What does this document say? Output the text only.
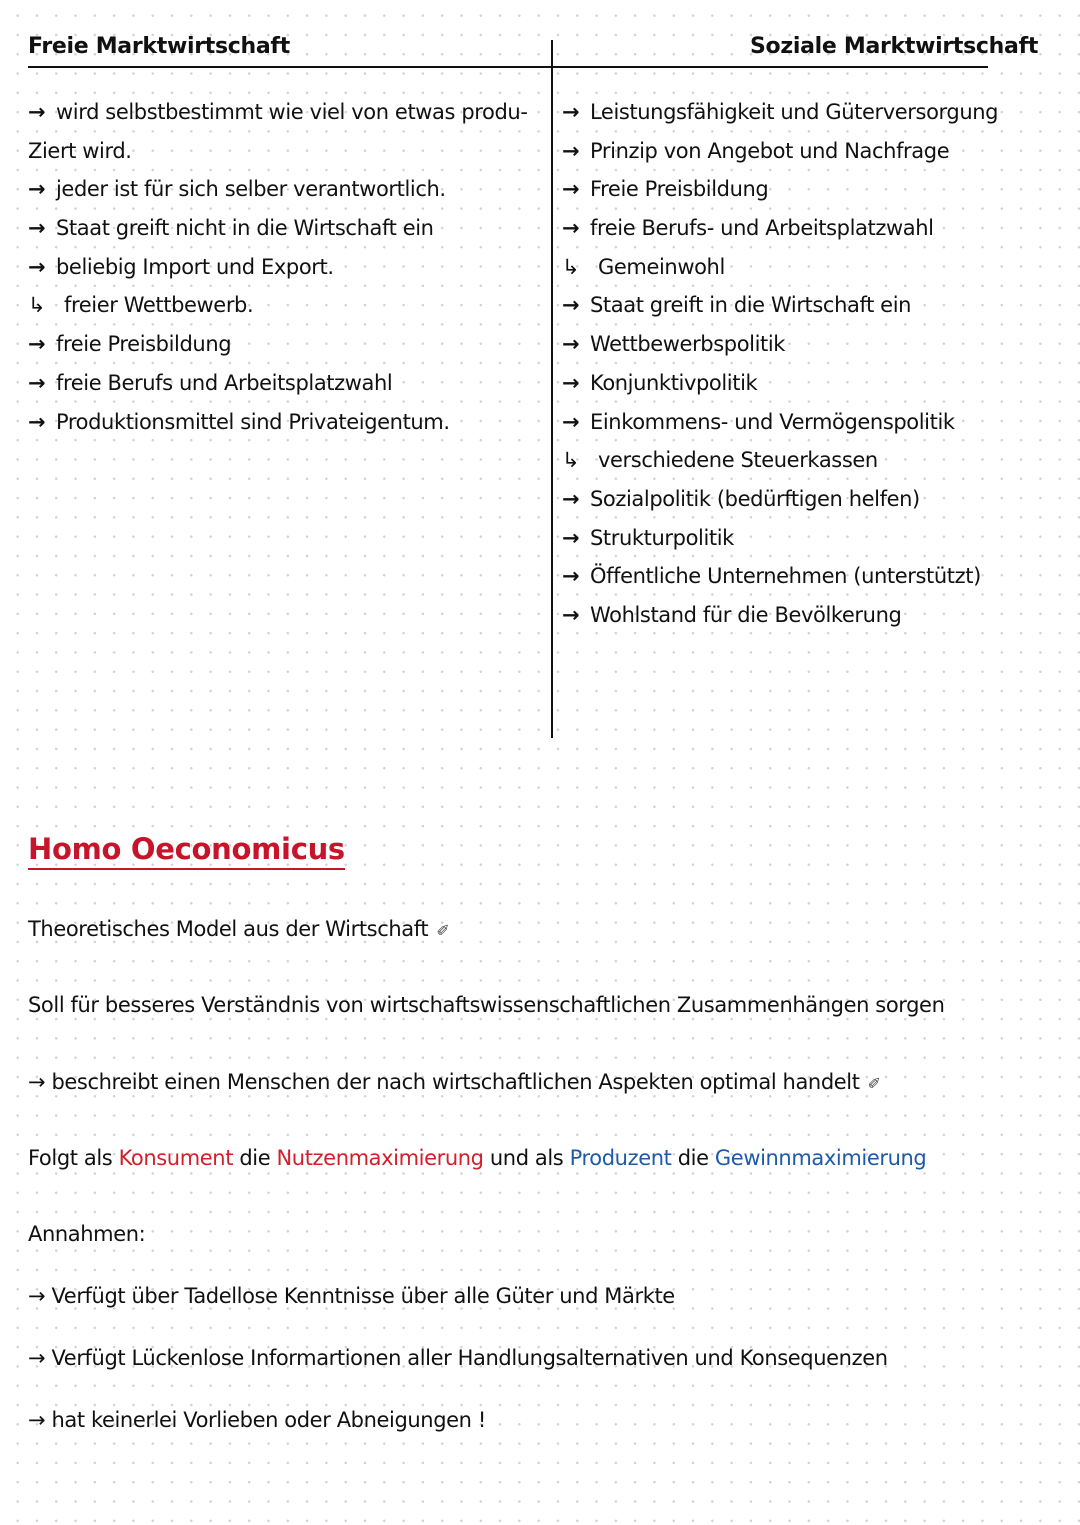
Freie Marktwirtschaft	Soziale Marktwirtschaft
→ wird selbstbestimmt wie viel von etwas produ-
Ziert wird.
→ jeder ist für sich selber verantwortlich.
→ Staat greift nicht in die Wirtschaft ein
→ beliebig Import und Export.
↳ freier Wettbewerb.
→ freie Preisbildung
→ freie Berufs und Arbeitsplatzwahl
→ Produktionsmittel sind Privateigentum.
→ Leistungsfähigkeit und Güterversorgung
→ Prinzip von Angebot und Nachfrage
→ Freie Preisbildung
→ freie Berufs- und Arbeitsplatzwahl
↳ Gemeinwohl
→ Staat greift in die Wirtschaft ein
→ Wettbewerbspolitik
→ Konjunktivpolitik
→ Einkommens- und Vermögenspolitik
↳ verschiedene Steuerkassen
→ Sozialpolitik (bedürftigen helfen)
→ Strukturpolitik
→ Öffentliche Unternehmen (unterstützt)
→ Wohlstand für die Bevölkerung
Homo Oeconomicus
Theoretisches Model aus der Wirtschaft ✐
Soll für besseres Verständnis von wirtschaftswissenschaftlichen Zusammenhängen sorgen
→ beschreibt einen Menschen der nach wirtschaftlichen Aspekten optimal handelt ✐
Folgt als Konsument die Nutzenmaximierung und als Produzent die Gewinnmaximierung
Annahmen:
→ Verfügt über Tadellose Kenntnisse über alle Güter und Märkte
→ Verfügt Lückenlose Informartionen aller Handlungsalternativen und Konsequenzen
→ hat keinerlei Vorlieben oder Abneigungen !
